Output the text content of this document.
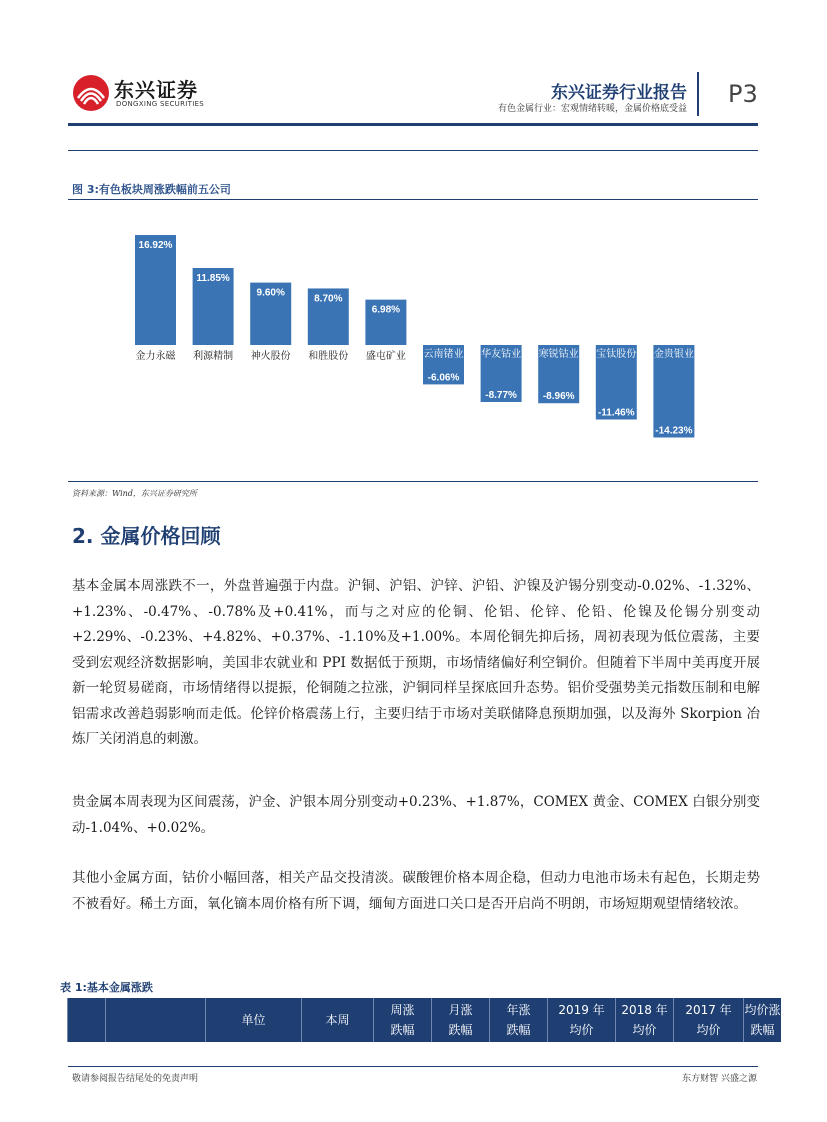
东兴证券
DONGXING SECURITIES
东兴证券行业报告
有色金属行业：宏观情绪转暖，金属价格底受益
P3
图 3:有色板块周涨跌幅前五公司
16.92%
金力永磁
11.85%
利源精制
9.60%
神火股份
8.70%
和胜股份
6.98%
盛屯矿业
-6.06%
云南锗业
-8.77%
华友钴业
-8.96%
寒锐钴业
-11.46%
宝钛股份
-14.23%
金贵银业
资料来源：Wind，东兴证券研究所
2. 金属价格回顾
基本金属本周涨跌不一，外盘普遍强于内盘。沪铜、沪铝、沪锌、沪铅、沪镍及沪锡分别变动-0.02%、-1.32%、+1.23%、-0.47%、-0.78%及+0.41%，而与之对应的伦铜、伦铝、伦锌、伦铅、伦镍及伦锡分别变动+2.29%、-0.23%、+4.82%、+0.37%、-1.10%及+1.00%。本周伦铜先抑后扬，周初表现为低位震荡，主要受到宏观经济数据影响，美国非农就业和 PPI 数据低于预期，市场情绪偏好利空铜价。但随着下半周中美再度开展新一轮贸易磋商，市场情绪得以提振，伦铜随之拉涨，沪铜同样呈探底回升态势。铝价受强势美元指数压制和电解铝需求改善趋弱影响而走低。伦锌价格震荡上行，主要归结于市场对美联储降息预期加强，以及海外 Skorpion 冶炼厂关闭消息的刺激。
贵金属本周表现为区间震荡，沪金、沪银本周分别变动+0.23%、+1.87%，COMEX 黄金、COMEX 白银分别变动-1.04%、+0.02%。
其他小金属方面，钴价小幅回落，相关产品交投清淡。碳酸锂价格本周企稳，但动力电池市场未有起色，长期走势不被看好。稀土方面，氧化镝本周价格有所下调，缅甸方面进口关口是否开启尚不明朗，市场短期观望情绪较浓。
表 1:基本金属涨跌
单位	本周
周涨
跌幅
月涨
跌幅
年涨
跌幅
2019 年
均价
2018 年
均价
2017 年
均价
均价涨
跌幅
敬请参阅报告结尾处的免责声明	东方财智 兴盛之源
